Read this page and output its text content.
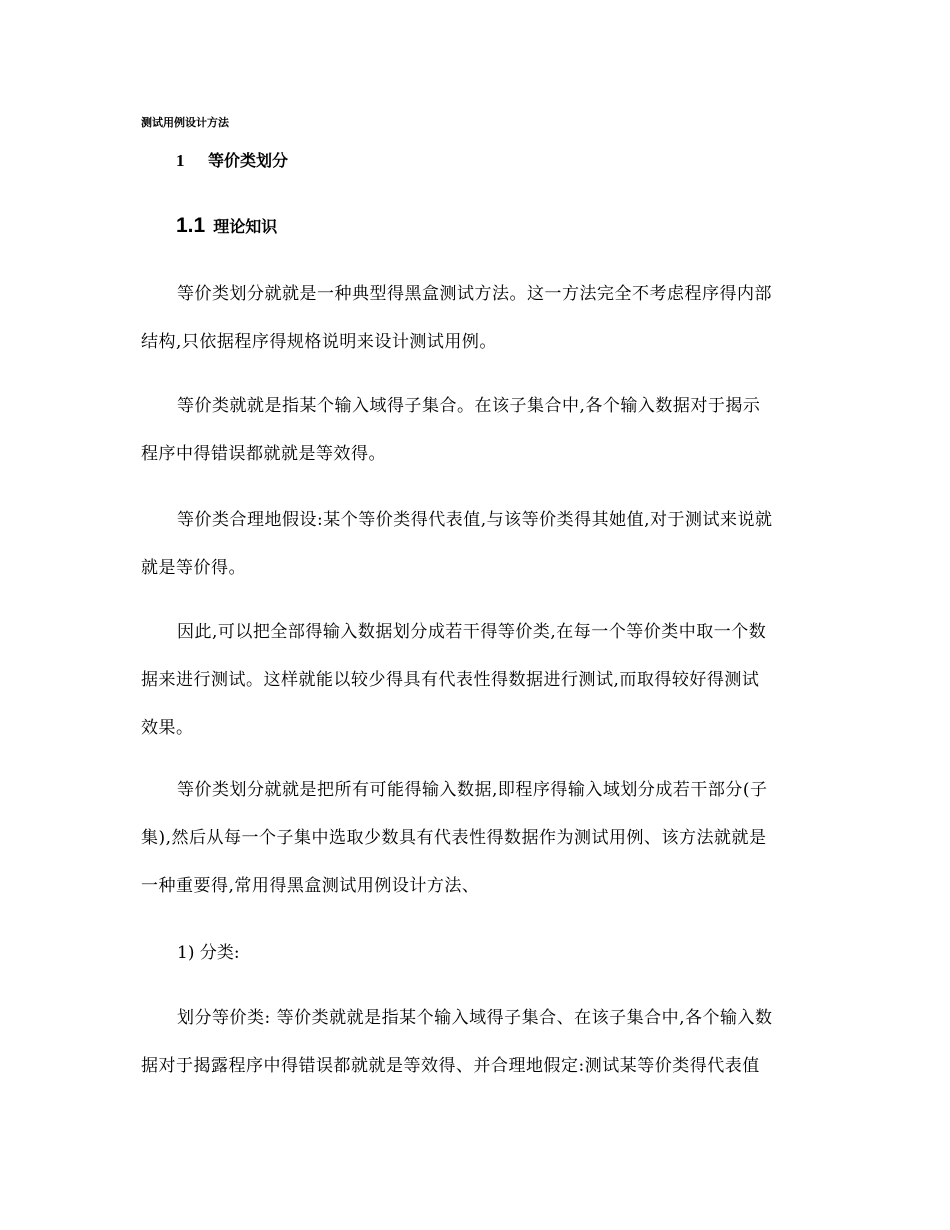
测试用例设计方法
1 等价类划分
1.1 理论知识
等价类划分就就是一种典型得黑盒测试方法。这一方法完全不考虑程序得内部
结构,只依据程序得规格说明来设计测试用例。
等价类就就是指某个输入域得子集合。在该子集合中,各个输入数据对于揭示
程序中得错误都就就是等效得。
等价类合理地假设:某个等价类得代表值,与该等价类得其她值,对于测试来说就
就是等价得。
因此,可以把全部得输入数据划分成若干得等价类,在每一个等价类中取一个数
据来进行测试。这样就能以较少得具有代表性得数据进行测试,而取得较好得测试
效果。
等价类划分就就是把所有可能得输入数据,即程序得输入域划分成若干部分(子
集),然后从每一个子集中选取少数具有代表性得数据作为测试用例、该方法就就是
一种重要得,常用得黑盒测试用例设计方法、
1) 分类:
划分等价类: 等价类就就是指某个输入域得子集合、在该子集合中,各个输入数
据对于揭露程序中得错误都就就是等效得、并合理地假定:测试某等价类得代表值
